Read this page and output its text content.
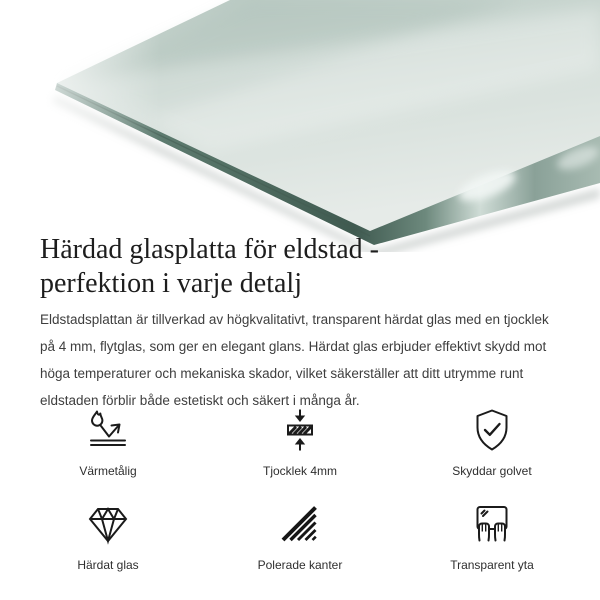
Härdad glasplatta för eldstad -
perfektion i varje detalj

Eldstadsplattan är tillverkad av högkvalitativt, transparent härdat glas med en tjocklek på 4 mm, flytglas, som ger en elegant glans. Härdat glas erbjuder effektivt skydd mot höga temperaturer och mekaniska skador, vilket säkerställer att ditt utrymme runt eldstaden förblir både estetiskt och säkert i många år.

Värmetålig	Tjocklek 4mm	Skyddar golvet
Härdat glas	Polerade kanter	Transparent yta
